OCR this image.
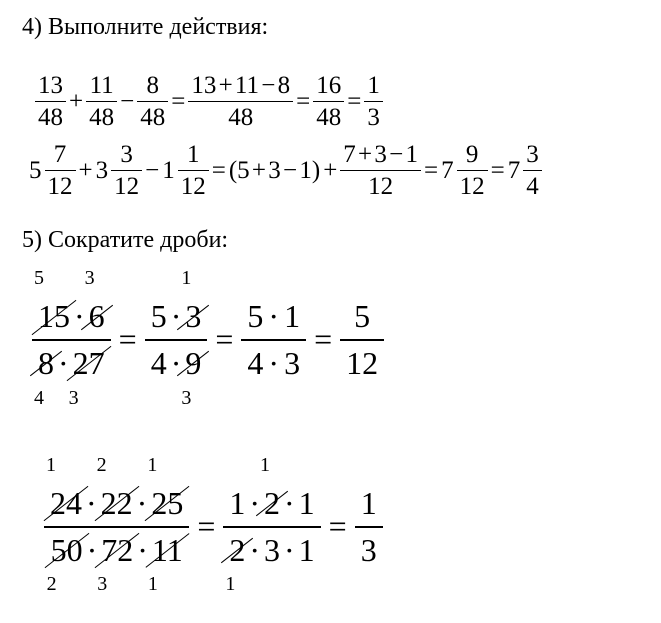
4) Выполните действия:
$\frac{13}{48} + \frac{11}{48} - \frac{8}{48} = \frac{13 + 11 - 8}{48} = \frac{16}{48} = \frac{1}{3}$
$5 \frac{7}{12} + 3 \frac{3}{12} - 1 \frac{1}{12} = (5 + 3 - 1) + \frac{7 + 3 - 1}{12} = 7 \frac{9}{12} = 7 \frac{3}{4}$
5) Сократите дроби:
5
15 ·
3
6
8
4
· 27
3
= 5 ·
1
3
4 · 9
$3 = \frac{5 \cdot 1}{4 \cdot 3} = \frac{5}{12}$
1
24 ·
2
22 ·
1
25
50
2
· 72
3
· 11
1
=
1 ·
1
2 · 1
2
1
· 3 · 1
= $\frac{1}{3}$
